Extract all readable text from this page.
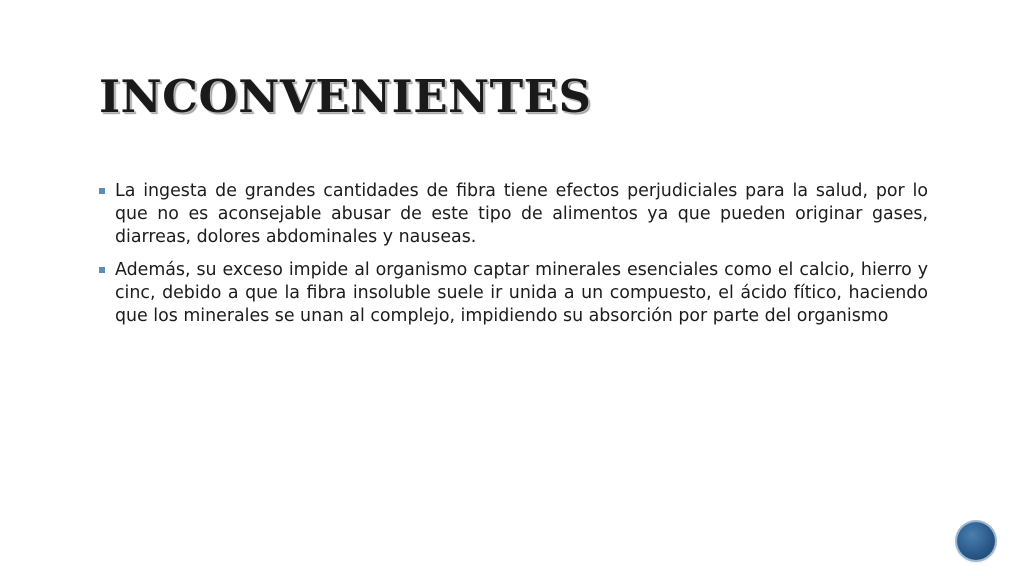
INCONVENIENTES

La ingesta de grandes cantidades de fibra tiene efectos perjudiciales para la salud, por lo que no es aconsejable abusar de este tipo de alimentos ya que pueden originar gases, diarreas, dolores abdominales y nauseas.

Además, su exceso impide al organismo captar minerales esenciales como el calcio, hierro y cinc, debido a que la fibra insoluble suele ir unida a un compuesto, el ácido fítico, haciendo que los minerales se unan al complejo, impidiendo su absorción por parte del organismo
